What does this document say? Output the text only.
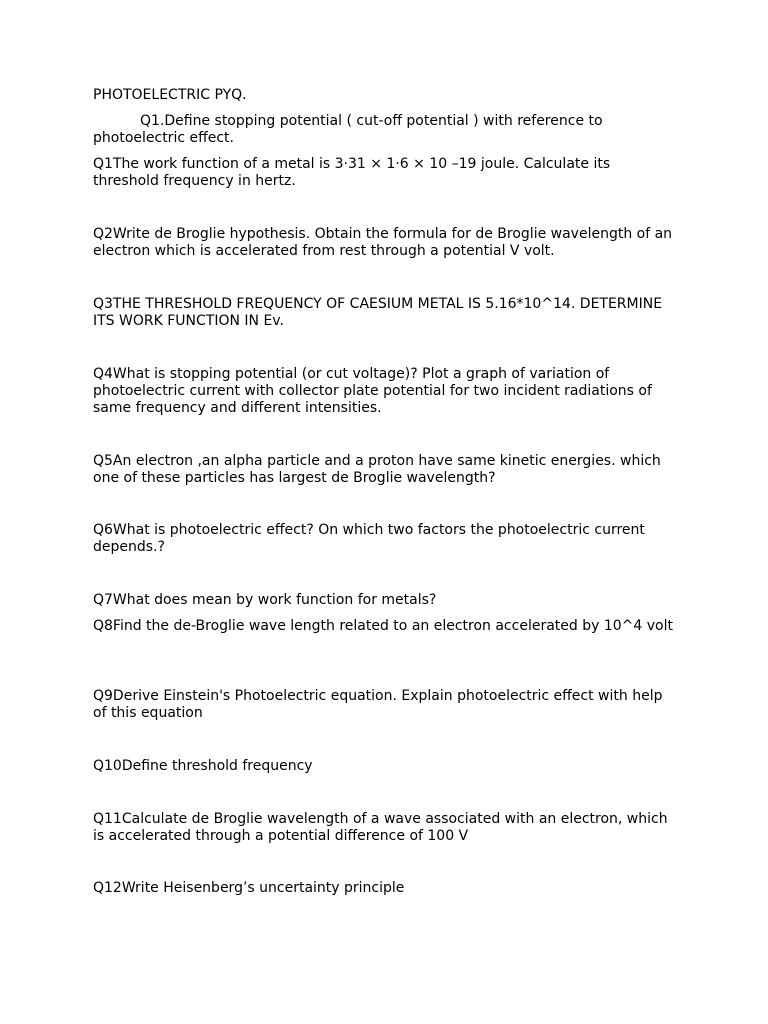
PHOTOELECTRIC PYQ.

Q1.Define stopping potential ( cut-off potential ) with reference to photoelectric effect.

Q1The work function of a metal is 3·31 × 1·6 × 10 –19 joule. Calculate its threshold frequency in hertz.

Q2Write de Broglie hypothesis. Obtain the formula for de Broglie wavelength of an electron which is accelerated from rest through a potential V volt.

Q3THE THRESHOLD FREQUENCY OF CAESIUM METAL IS 5.16*10^14. DETERMINE ITS WORK FUNCTION IN Ev.

Q4What is stopping potential (or cut voltage)? Plot a graph of variation of photoelectric current with collector plate potential for two incident radiations of same frequency and different intensities.

Q5An electron ,an alpha particle and a proton have same kinetic energies. which one of these particles has largest de Broglie wavelength?

Q6What is photoelectric effect? On which two factors the photoelectric current depends.?

Q7What does mean by work function for metals?

Q8Find the de-Broglie wave length related to an electron accelerated by 10^4 volt

Q9Derive Einstein's Photoelectric equation. Explain photoelectric effect with help of this equation

Q10Define threshold frequency

Q11Calculate de Broglie wavelength of a wave associated with an electron, which is accelerated through a potential difference of 100 V

Q12Write Heisenberg’s uncertainty principle
